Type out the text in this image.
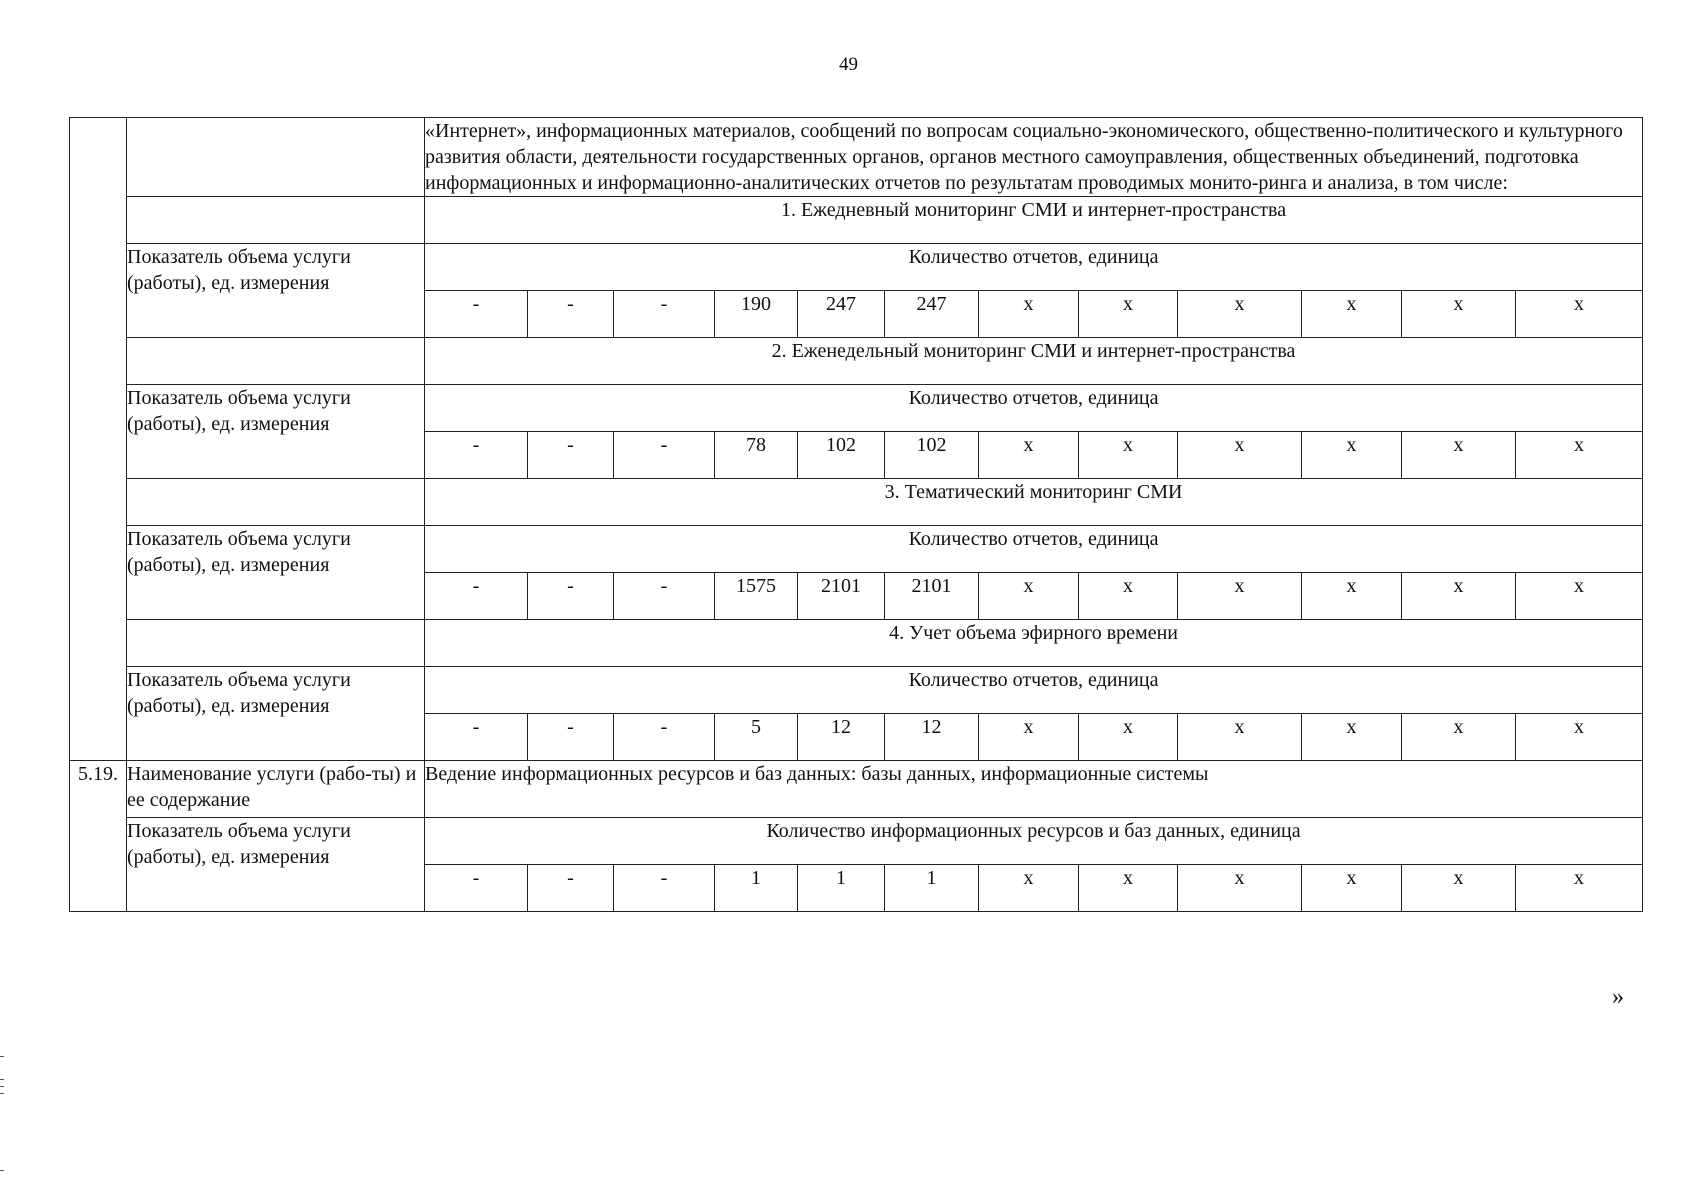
49
		«Интернет», информационных материалов, сообщений по вопросам социально-экономического, общественно-политического и культурного развития области, деятельности государственных органов, органов местного самоуправления, общественных объединений, подготовка информационных и информационно-аналитических отчетов по результатам проводимых монито-ринга и анализа, в том числе:											
		1. Ежедневный мониторинг СМИ и интернет-пространства											
	Показатель объема услуги (работы), ед. измерения	Количество отчетов, единица											
		-	-	-	190	247	247	х	х	х	х	х	х
		2. Еженедельный мониторинг СМИ и интернет-пространства											
	Показатель объема услуги (работы), ед. измерения	Количество отчетов, единица											
		-	-	-	78	102	102	х	х	х	х	х	х
		3. Тематический мониторинг СМИ											
	Показатель объема услуги (работы), ед. измерения	Количество отчетов, единица											
		-	-	-	1575	2101	2101	х	х	х	х	х	х
		4. Учет объема эфирного времени											
	Показатель объема услуги (работы), ед. измерения	Количество отчетов, единица											
		-	-	-	5	12	12	х	х	х	х	х	х
5.19.	Наименование услуги (рабо-ты) и ее содержание	Ведение информационных ресурсов и баз данных: базы данных, информационные системы											
	Показатель объема услуги (работы), ед. измерения	Количество информационных ресурсов и баз данных, единица											
		-	-	-	1	1	1	х	х	х	х	х	х
»
